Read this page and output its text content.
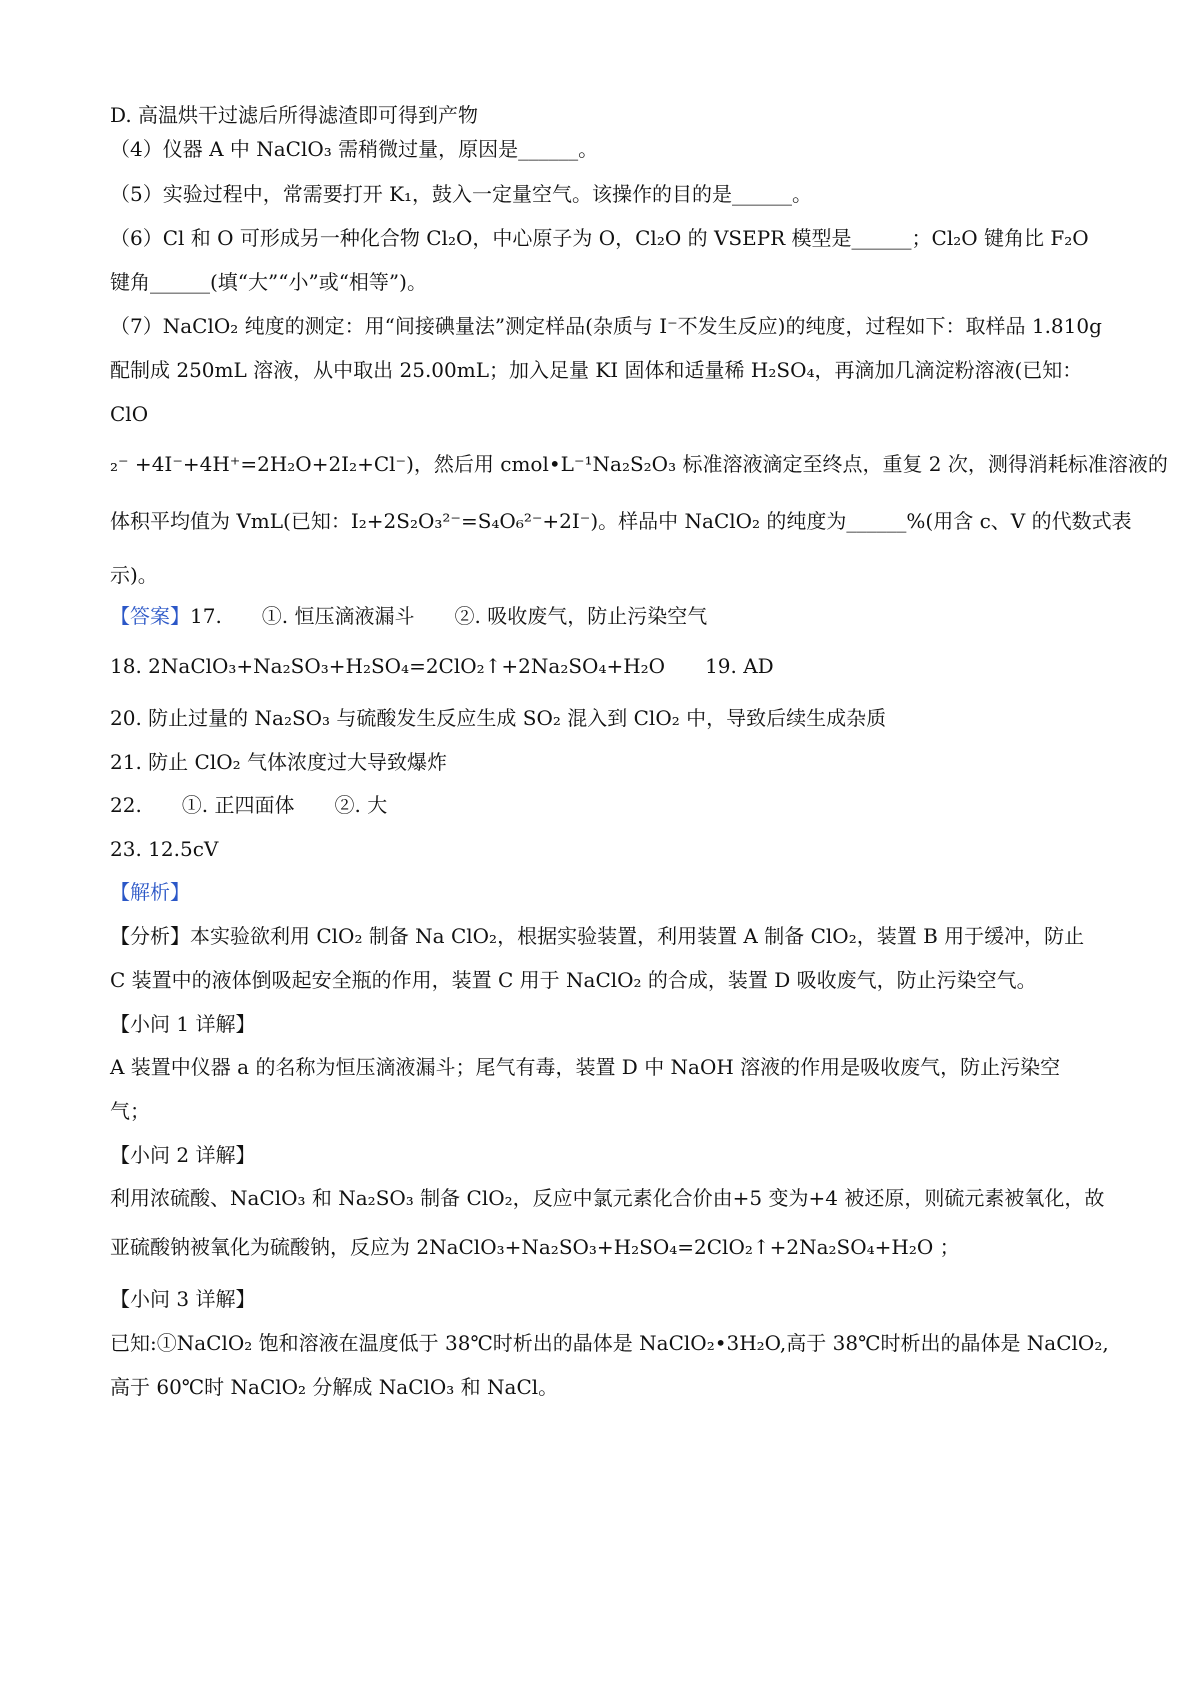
D. 高温烘干过滤后所得滤渣即可得到产物
（4）仪器 A 中 NaClO₃ 需稍微过量，原因是______。
（5）实验过程中，常需要打开 K₁，鼓入一定量空气。该操作的目的是______。
（6）Cl 和 O 可形成另一种化合物 Cl₂O，中心原子为 O，Cl₂O 的 VSEPR 模型是______；Cl₂O 键角比 F₂O
键角______(填“大”“小”或“相等”)。
（7）NaClO₂ 纯度的测定：用“间接碘量法”测定样品(杂质与 I⁻不发生反应)的纯度，过程如下：取样品 1.810g
配制成 250mL 溶液，从中取出 25.00mL；加入足量 KI 固体和适量稀 H₂SO₄，再滴加几滴淀粉溶液(已知：
ClO
₂⁻ +4I⁻+4H⁺=2H₂O+2I₂+Cl⁻)，然后用 cmol•L⁻¹Na₂S₂O₃ 标准溶液滴定至终点，重复 2 次，测得消耗标准溶液的
体积平均值为 VmL(已知：I₂+2S₂O₃²⁻=S₄O₆²⁻+2I⁻)。样品中 NaClO₂ 的纯度为______%(用含 c、V 的代数式表
示)。
【答案】17.　　①. 恒压滴液漏斗　　②. 吸收废气，防止污染空气
18. 2NaClO₃+Na₂SO₃+H₂SO₄=2ClO₂↑+2Na₂SO₄+H₂O　　19. AD
20. 防止过量的 Na₂SO₃ 与硫酸发生反应生成 SO₂ 混入到 ClO₂ 中，导致后续生成杂质
21. 防止 ClO₂ 气体浓度过大导致爆炸
22.　　①. 正四面体　　②. 大
23. 12.5cV
【解析】
【分析】本实验欲利用 ClO₂ 制备 Na ClO₂，根据实验装置，利用装置 A 制备 ClO₂，装置 B 用于缓冲，防止
C 装置中的液体倒吸起安全瓶的作用，装置 C 用于 NaClO₂ 的合成，装置 D 吸收废气，防止污染空气。
【小问 1 详解】
A 装置中仪器 a 的名称为恒压滴液漏斗；尾气有毒，装置 D 中 NaOH 溶液的作用是吸收废气，防止污染空
气；
【小问 2 详解】
利用浓硫酸、NaClO₃ 和 Na₂SO₃ 制备 ClO₂，反应中氯元素化合价由+5 变为+4 被还原，则硫元素被氧化，故
亚硫酸钠被氧化为硫酸钠，反应为 2NaClO₃+Na₂SO₃+H₂SO₄=2ClO₂↑+2Na₂SO₄+H₂O ；
【小问 3 详解】
已知:①NaClO₂ 饱和溶液在温度低于 38℃时析出的晶体是 NaClO₂•3H₂O,高于 38℃时析出的晶体是 NaClO₂,
高于 60℃时 NaClO₂ 分解成 NaClO₃ 和 NaCl。
